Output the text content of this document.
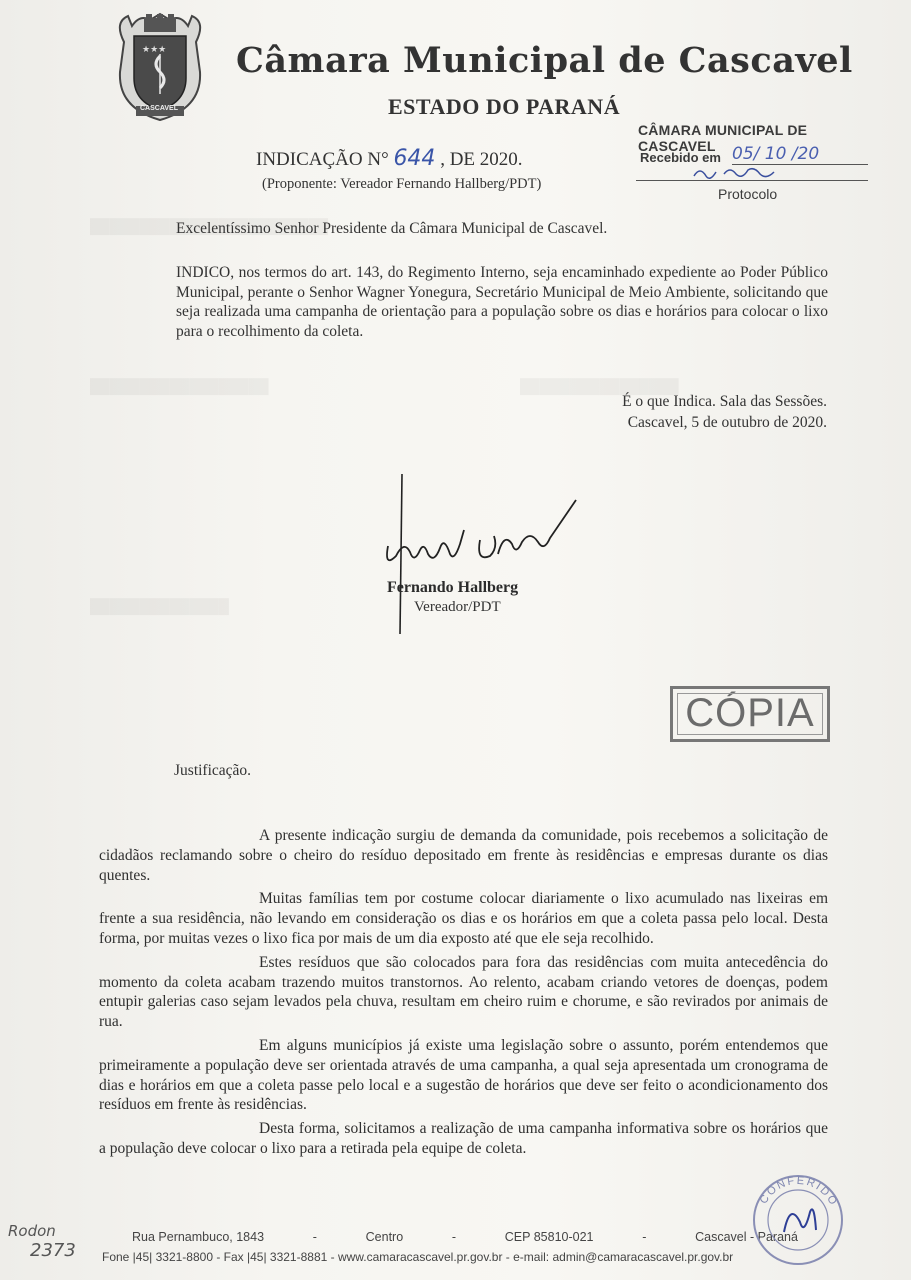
★★★
CASCAVEL
Câmara Municipal de Cascavel
ESTADO DO PARANÁ
INDICAÇÃO N° 644 , DE 2020.
(Proponente: Vereador Fernando Hallberg/PDT)
CÂMARA MUNICIPAL DE CASCAVEL
Recebido em 05/ 10 /20
Protocolo
Excelentíssimo Senhor Presidente da Câmara Municipal de Cascavel.
INDICO, nos termos do art. 143, do Regimento Interno, seja encaminhado expediente ao Poder Público Municipal, perante o Senhor Wagner Yonegura, Secretário Municipal de Meio Ambiente, solicitando que seja realizada uma campanha de orientação para a população sobre os dias e horários para colocar o lixo para o recolhimento da coleta.
É o que Indica. Sala das Sessões.
Cascavel, 5 de outubro de 2020.
Fernando Hallberg
Vereador/PDT
CÓPIA
Justificação.

A presente indicação surgiu de demanda da comunidade, pois recebemos a solicitação de cidadãos reclamando sobre o cheiro do resíduo depositado em frente às residências e empresas durante os dias quentes.

Muitas famílias tem por costume colocar diariamente o lixo acumulado nas lixeiras em frente a sua residência, não levando em consideração os dias e os horários em que a coleta passa pelo local. Desta forma, por muitas vezes o lixo fica por mais de um dia exposto até que ele seja recolhido.

Estes resíduos que são colocados para fora das residências com muita antecedência do momento da coleta acabam trazendo muitos transtornos. Ao relento, acabam criando vetores de doenças, podem entupir galerias caso sejam levados pela chuva, resultam em cheiro ruim e chorume, e são revirados por animais de rua.

Em alguns municípios já existe uma legislação sobre o assunto, porém entendemos que primeiramente a população deve ser orientada através de uma campanha, a qual seja apresentada um cronograma de dias e horários em que a coleta passe pelo local e a sugestão de horários que deve ser feito o acondicionamento dos resíduos em frente às residências.

Desta forma, solicitamos a realização de uma campanha informativa sobre os horários que a população deve colocar o lixo para a retirada pela equipe de coleta.

Rua Pernambuco, 1843	-	Centro	-	CEP 85810-021	-	Cascavel - Paraná
Fone |45| 3321-8800 - Fax |45| 3321-8881 - www.camaracascavel.pr.gov.br - e-mail: admin@camaracascavel.pr.gov.br
Rodon
2373
CONFERIDO
